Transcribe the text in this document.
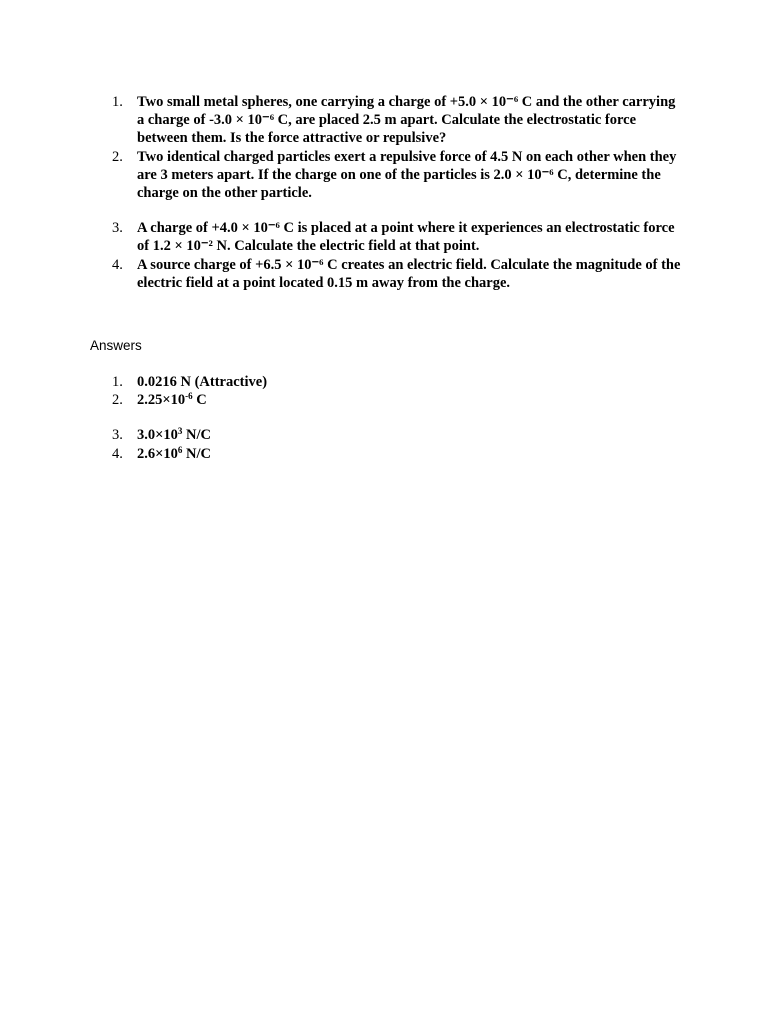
1. Two small metal spheres, one carrying a charge of +5.0 × 10⁻⁶ C and the other carrying a charge of -3.0 × 10⁻⁶ C, are placed 2.5 m apart. Calculate the electrostatic force between them. Is the force attractive or repulsive?
2. Two identical charged particles exert a repulsive force of 4.5 N on each other when they are 3 meters apart. If the charge on one of the particles is 2.0 × 10⁻⁶ C, determine the charge on the other particle.
3. A charge of +4.0 × 10⁻⁶ C is placed at a point where it experiences an electrostatic force of 1.2 × 10⁻² N. Calculate the electric field at that point.
4. A source charge of +6.5 × 10⁻⁶ C creates an electric field. Calculate the magnitude of the electric field at a point located 0.15 m away from the charge.
Answers
1. 0.0216 N (Attractive)
2. $2.25\times 10^{-6}$ C
3. $3.0\times 10^3$ N/C
4. $2.6\times 10^6$ N/C
